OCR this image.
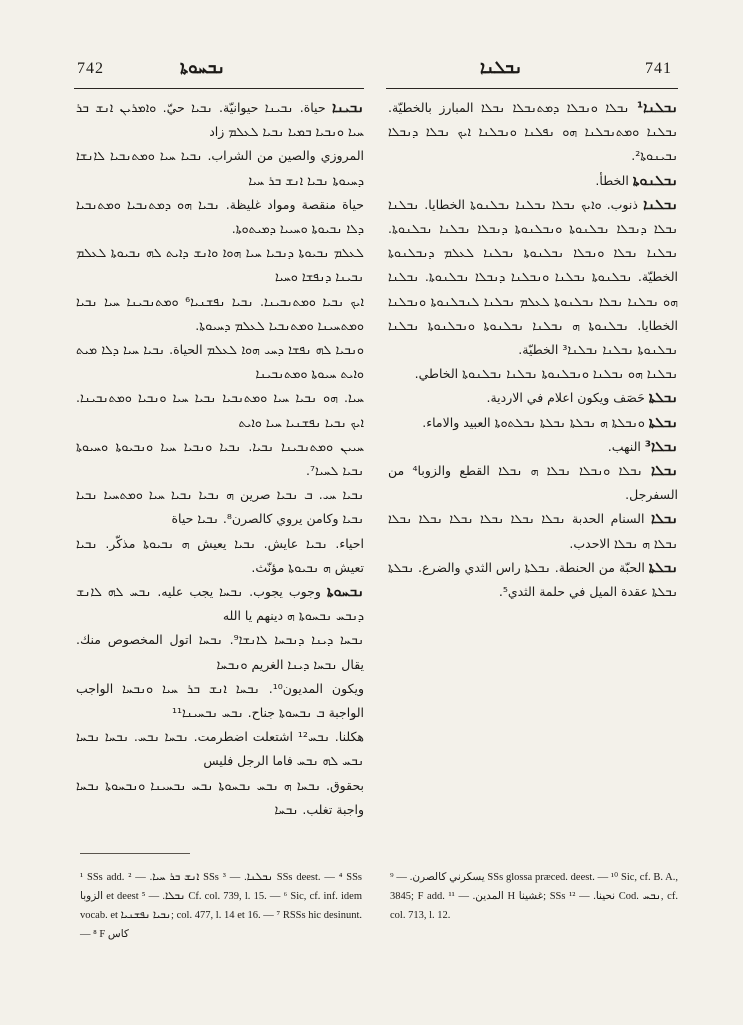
742	ܢܒܚܘܬܐ	ܢܒܠܢܐ	741

ܢܒܝܢܐ حياة. ܢܒܝܢܐ حيوانيّة. ܢܒܝܐ حيّ. ܘܐܡܪܝܢ ܐܢܫ ܒܪ ܚܝܐ ܘܢܒܝܐ ܒܡܝܐ ܢܒܝܐ ܠܥܠܡ زاد

المروزي والصين من الشراب. ܢܒܝܐ ܚܝܐ ܘܡܬܢܒܝܐ ܠܐܢܫܐ ܕܚܝܘܬܐ ܢܒܝܐ ܐܢܫ ܒܪ ܚܝܐ

حياة منقصة ومواد غليظة. ܢܒܝܐ ܗܘ ܕܡܬܢܒܝܐ ܘܡܬܢܒܝܐ ܕܠܐ ܢܒܝܘܬܐ ܘܚܝܝܐ ܕܡܝܬܘܬܐ.

ܠܥܠܡ ܢܒܝܘܬܐ ܕܢܒܝܐ ܚܝܐ ܗܘܐ ܘܐܢܫ ܕܐܝܬ ܠܗ ܢܒܝܘܬܐ ܠܥܠܡ ܢܒܝܢܐ ܕܢܦܫܐ ܘܚܝܐ

ܐܝܟ ܢܒܝܐ ܘܡܬܢܒܝܢܐ. ܢܒܝܐ ܢܦܫܢܝܐ⁶ ܘܡܬܢܒܝܢܐ ܚܝܐ ܢܒܝܐ ܘܡܬܚܝܢܐ ܘܡܬܢܒܝܐ ܠܥܠܡ ܕܚܝܘܬܐ.

ܘܢܒܝܐ ܠܗ ܢܦܫܐ ܕܚܝ ܗܘܐ ܠܥܠܡ الحياة. ܢܒܝܐ ܚܝܐ ܕܠܐ ܡܝܬ ܘܐܝܬ ܚܝܘܬܐ ܘܡܬܢܒܝܢܐ

ܚܝܐ. ܗܘ ܢܒܝܐ ܚܝܐ ܘܡܬܢܒܝܐ ܢܒܝܐ ܚܝܐ ܘܢܒܝܐ ܘܡܬܢܒܝܢܐ. ܐܝܟ ܢܒܝܐ ܢܦܫܢܝܐ ܚܝܐ ܘܐܝܬ

ܚܝܝܢ ܘܡܬܢܒܝܢܐ ܢܒܝܐ. ܢܒܝܐ ܘܢܒܝܐ ܚܝܐ ܘܢܒܝܘܬܐ ܘܚܝܘܬܐ ܢܒܝܐ ܠܚܝܐ⁷.

ܢܒܝܐ ܚܝ. ܒ ܢܒܝܐ صرين ܗ ܢܒܝܐ ܢܒܝܐ ܚܝܐ ܘܡܬܚܝܐ ܢܒܝܐ ܢܒܝܐ وكامن يروي كالصرن⁸. ܢܒܝܐ حياة

احياء. ܢܒܝܐ عايش. ܢܒܝܐ يعيش ܗ ܢܒܝܘܬܐ مذكّر. ܢܒܝܐ تعيش ܗ ܢܒܝܘܬܐ مؤنّث.

ܢܒܚܘܬܐ وجوب يجوب. ܢܒܚܐ يجب عليه. ܢܒܚ ܠܗ ܠܐܢܫ ܕܢܒܚ ܢܒܚܘܬܐ ܗ دينهم يا الله

ܢܒܚܐ ܕܝܢܐ ܕܢܒܚܐ ܠܐܢܫܐ⁹. ܢܒܚܐ اتول المخصوص منك. يقال ܢܒܚܐ ܕܝܢܐ الغريم ܘܢܒܚܐ

ويكون المديون¹⁰. ܢܒܚܐ ܐܢܫ ܒܪ ܚܝܐ ܘܢܒܚܐ الواجب الواجبة ܒ ܢܒܚܘܬܐ جناح. ܢܒܚ ܢܒܚܝܢܐ¹¹

هكلنا. ܢܒܚ¹² اشتعلت اضطرمت. ܢܒܚܐ ܢܒܚ. ܢܒܚܐ ܢܒܚܐ ܢܒܚ ܠܗ ܢܒܚ فاما الرجل فليس

بحقوق. ܢܒܚܐ ܗ ܢܒܚ ܢܒܚܘܬܐ ܢܒܚ ܢܒܚܝܢܐ ܘܢܒܚܘܬܐ ܢܒܚܐ واجبة تغلب. ܢܒܚܐ

ܢܒܠܢܐ¹ ܢܒܠܐ ܘܢܒܠܐ ܕܡܬܢܒܠܐ ܢܒܠܐ المبارز بالخطيّة. ܢܒܠܢܐ ܘܡܬܢܒܠܢܐ ܗܘ ܢܦܠܢܐ ܘܢܒܠܢܐ ܐܝܟ ܢܒܠܐ ܕܢܒܠܐ ܢܒܝܢܘܬܐ².

ܢܒܠܢܘܬܐ الخطأ.

ܢܒܠܢܐ ذنوب. ܘܐܝܟ ܢܒܠܐ ܢܒܠܢܐ ܢܒܠܢܘܬܐ الخطايا. ܢܒܠܢܐ ܢܒܠܐ ܕܢܒܠܐ ܢܒܠܢܘܬܐ ܘܢܒܠܢܘܬܐ ܕܢܒܠܐ ܢܒܠܢܐ ܢܒܠܢܘܬܐ. ܢܒܠܢܐ ܢܒܠܐ ܘܢܒܠܐ ܢܒܠܢܘܬܐ ܢܒܠܢܐ ܠܥܠܡ ܕܢܒܠܢܘܬܐ الخطيّة. ܢܒܠܢܘܬܐ ܢܒܠܢܐ ܘܢܒܠܢܐ ܕܢܒܠܐ ܢܒܠܢܘܬܐ. ܢܒܠܢܐ ܗܘ ܢܒܠܢܐ ܢܒܠܐ ܢܒܠܢܘܬܐ ܠܥܠܡ ܢܒܠܢܐ ܠܢܒܠܢܘܬܐ ܘܢܒܠܢܐ الخطايا. ܢܒܠܢܘܬܐ ܗ ܢܒܠܢܐ ܢܒܠܢܘܬܐ ܘܢܒܠܢܘܬܐ ܢܒܠܢܐ ܢܒܠܢܘܬܐ ܢܒܠܢܐ ܢܒܠܢܐ³ الخطيّة.

ܢܒܠܢܐ ܗܘ ܢܒܠܢܐ ܘܢܒܠܢܘܬܐ ܢܒܠܢܐ ܢܒܠܢܘܬܐ الخاطي.

ܢܒܠܬܐ حَصَف ويكون اعلام في الاردية.

ܢܒܠܬܐ ܘܢܒܠܬܐ ܗ ܢܒܠܬܐ ܢܒܠܬܐ ܢܒܠܬܘܬܐ العبيد والاماء.

ܢܒܠܐ³ النهب.

ܢܒܠܐ ܢܒܠܐ ܘܢܒܠܐ ܢܒܠܐ ܗ ܢܒܠܐ القطع والزوبا⁴ من السفرجل.

ܢܒܠܐ السنام الحدبة ܢܒܠܐ ܢܒܠܐ ܢܒܠܐ ܢܒܠܐ ܢܒܠܐ ܢܒܠܐ ܢܒܠܐ ܗ ܢܒܠܐ الاحدب.

ܢܒܠܬܐ الحبّة من الحنطة. ܢܒܠܬܐ راس الثدي والضرع. ܢܒܠܬܐ ܢܒܠܬܐ عقدة الميل في حلمة الثدي⁵.

¹ SSs add. ܐܢܫ ܒܪ ܚܝܐ. — ² SSs ܢܒܠܢܐ. — ³ SSs deest. — ⁴ SSs الزوبا et deest ܢܒܠܐ. — ⁵ Cf. col. 739, l. 15. — ⁶ Sic, cf. inf. idem vocab. et ܢܒܝܐ ܢܦܫܢܝܐ; col. 477, l. 14 et 16. — ⁷ RSSs hic desinunt. — ⁸ F كاس

يسكرني كالصرن. — ⁹ SSs glossa præced. deest. — ¹⁰ Sic, cf. B. A., 3845; F add. المدين. — ¹¹ H غشينا; SSs نحينا. — ¹² Cod. ܢܒܚ, cf. col. 713, l. 12.
